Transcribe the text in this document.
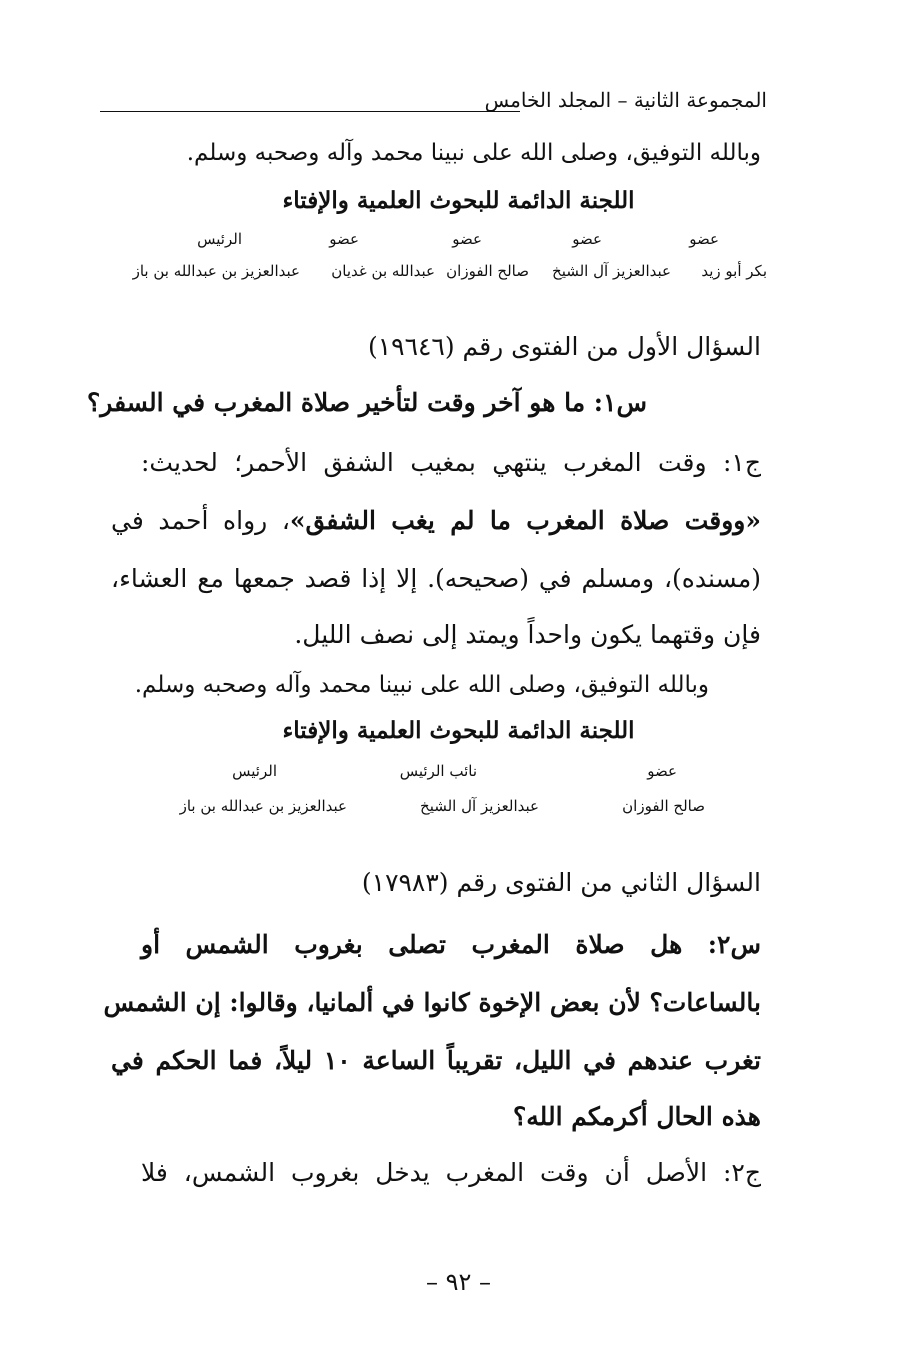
المجموعة الثانية – المجلد الخامس
وبالله التوفيق، وصلى الله على نبينا محمد وآله وصحبه وسلم.
اللجنة الدائمة للبحوث العلمية والإفتاء
عضو
عضو
عضو
عضو
الرئيس
بكر أبو زيد
عبدالعزيز آل الشيخ
صالح الفوزان
عبدالله بن غديان
عبدالعزيز بن عبدالله بن باز
السؤال الأول من الفتوى رقم (١٩٦٤٦)
س١: ما هو آخر وقت لتأخير صلاة المغرب في السفر؟
ج١: وقت المغرب ينتهي بمغيب الشفق الأحمر؛ لحديث:
«ووقت صلاة المغرب ما لم يغب الشفق»، رواه أحمد في
(مسنده)، ومسلم في (صحيحه). إلا إذا قصد جمعها مع العشاء،
فإن وقتهما يكون واحداً ويمتد إلى نصف الليل.
وبالله التوفيق، وصلى الله على نبينا محمد وآله وصحبه وسلم.
اللجنة الدائمة للبحوث العلمية والإفتاء
عضو
نائب الرئيس
الرئيس
صالح الفوزان
عبدالعزيز آل الشيخ
عبدالعزيز بن عبدالله بن باز
السؤال الثاني من الفتوى رقم (١٧٩٨٣)
س٢: هل صلاة المغرب تصلى بغروب الشمس أو
بالساعات؟ لأن بعض الإخوة كانوا في ألمانيا، وقالوا: إن الشمس
تغرب عندهم في الليل، تقريباً الساعة ١٠ ليلاً، فما الحكم في
هذه الحال أكرمكم الله؟
ج٢: الأصل أن وقت المغرب يدخل بغروب الشمس، فلا
– ٩٢ –
